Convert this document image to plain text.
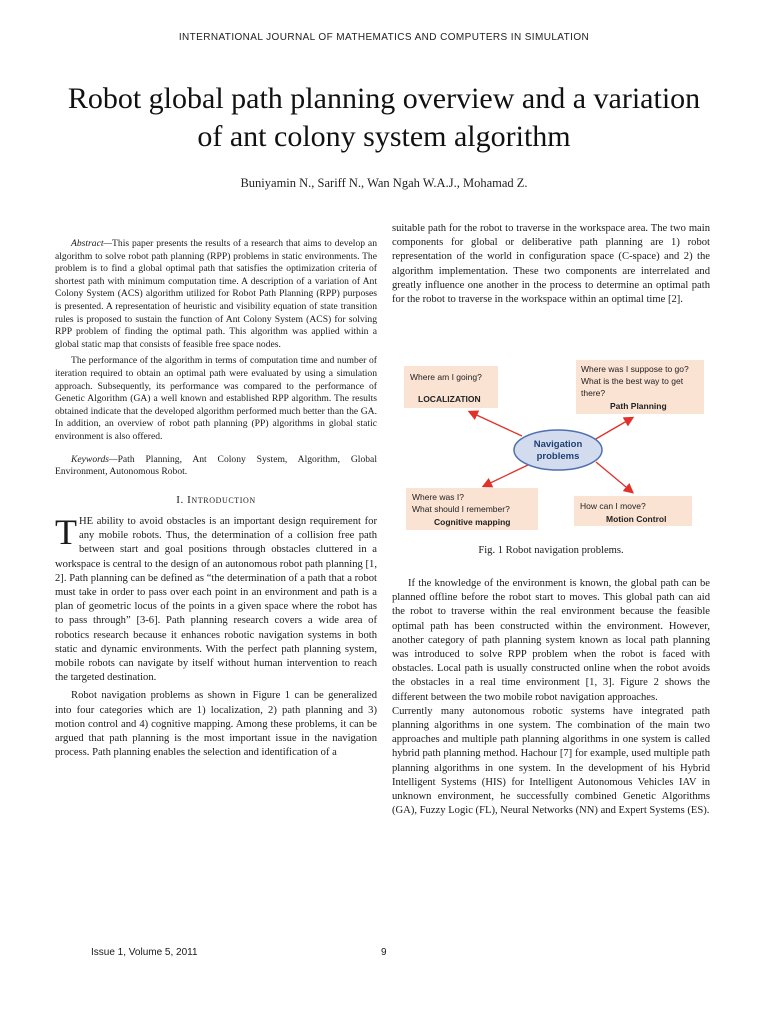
INTERNATIONAL JOURNAL OF MATHEMATICS AND COMPUTERS IN SIMULATION
Robot global path planning overview and a variation of ant colony system algorithm
Buniyamin N., Sariff N., Wan Ngah W.A.J., Mohamad Z.

Abstract—This paper presents the results of a research that aims to develop an algorithm to solve robot path planning (RPP) problems in static environments. The problem is to find a global optimal path that satisfies the optimization criteria of shortest path with minimum computation time. A description of a variation of Ant Colony System (ACS) algorithm utilized for Robot Path Planning (RPP) purposes is presented. A representation of heuristic and visibility equation of state transition rules is proposed to sustain the function of Ant Colony System (ACS) for solving RPP problem of finding the optimal path. This algorithm was applied within a global static map that consists of feasible free space nodes.

The performance of the algorithm in terms of computation time and number of iteration required to obtain an optimal path were evaluated by using a simulation approach. Subsequently, its performance was compared to the performance of Genetic Algorithm (GA) a well known and established RPP algorithm. The results obtained indicate that the developed algorithm performed much better than the GA. In addition, an overview of robot path planning (PP) algorithms in global static environment is also offered.

Keywords—Path Planning, Ant Colony System, Algorithm, Global Environment, Autonomous Robot.

I. Introduction

THE ability to avoid obstacles is an important design requirement for any mobile robots. Thus, the determination of a collision free path between start and goal positions through obstacles cluttered in a workspace is central to the design of an autonomous robot path planning [1, 2]. Path planning can be defined as “the determination of a path that a robot must take in order to pass over each point in an environment and path is a plan of geometric locus of the points in a given space where the robot has to pass through” [3-6]. Path planning research covers a wide area of robotics research because it enhances robotic navigation systems in both static and dynamic environments. With the perfect path planning system, mobile robots can navigate by itself without human intervention to reach the targeted destination.

Robot navigation problems as shown in Figure 1 can be generalized into four categories which are 1) localization, 2) path planning and 3) motion control and 4) cognitive mapping. Among these problems, it can be argued that path planning is the most important issue in the navigation process. Path planning enables the selection and identification of a

suitable path for the robot to traverse in the workspace area. The two main components for global or deliberative path planning are 1) robot representation of the world in configuration space (C-space) and 2) the algorithm implementation. These two components are interrelated and greatly influence one another in the process to determine an optimal path for the robot to traverse in the workspace within an optimal time [2].

Where am I going?
LOCALIZATION
Where was I suppose to go?
What is the best way to get
there?
Path Planning
Where was I?
What should I remember?
Cognitive mapping
How can I move?
Motion Control
Navigation
problems
Fig. 1 Robot navigation problems.

If the knowledge of the environment is known, the global path can be planned offline before the robot start to moves. This global path can aid the robot to traverse within the real environment because the feasible optimal path has been constructed within the environment. However, another category of path planning system known as local path planning was introduced to solve RPP problem when the robot is faced with obstacles. Local path is usually constructed online when the robot avoids the obstacles in a real time environment [1, 3]. Figure 2 shows the different between the two mobile robot navigation approaches.

Currently many autonomous robotic systems have integrated path planning algorithms in one system. The combination of the main two approaches and multiple path planning algorithms in one system is called hybrid path planning method. Hachour [7] for example, used multiple path planning algorithms in one system. In the development of his Hybrid Intelligent Systems (HIS) for Intelligent Autonomous Vehicles IAV in unknown environment, he successfully combined Genetic Algorithms (GA), Fuzzy Logic (FL), Neural Networks (NN) and Expert Systems (ES).

Issue 1, Volume 5, 2011	9
